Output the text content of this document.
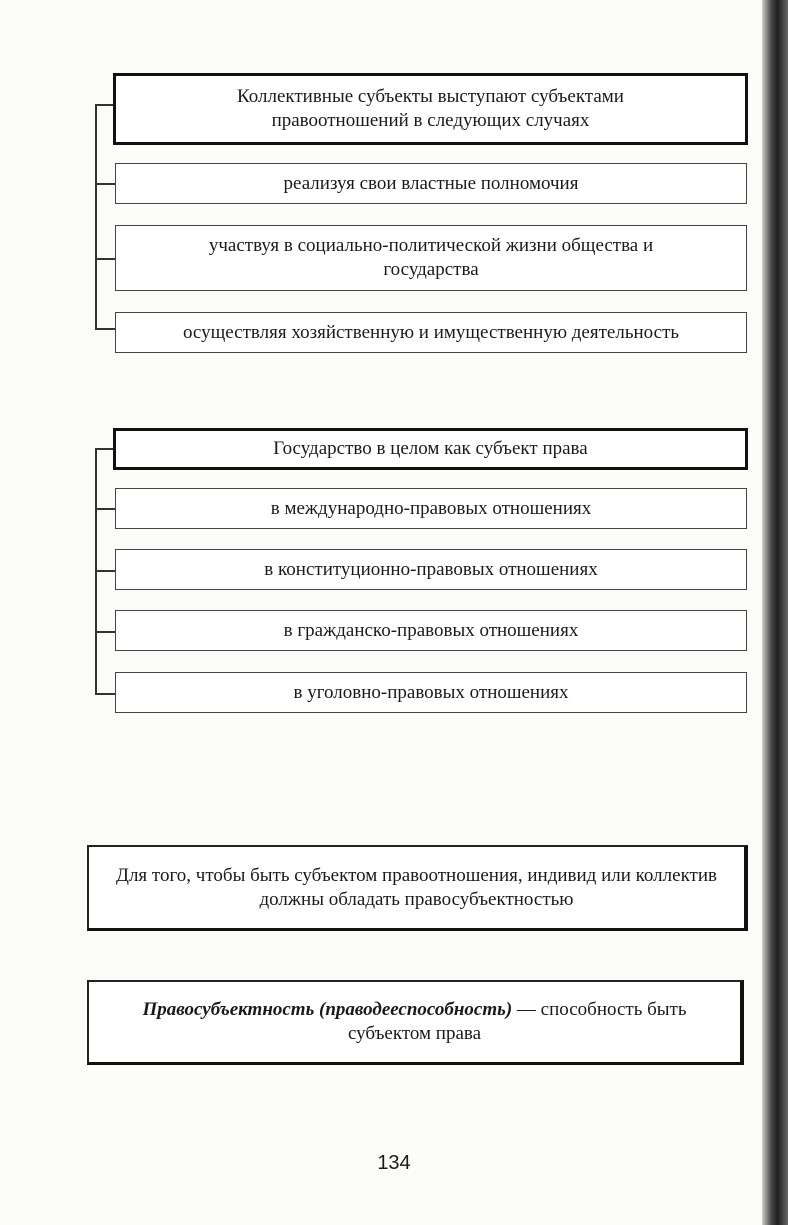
Коллективные субъекты выступают субъектами правоотношений в следующих случаях
реализуя свои властные полномочия
участвуя в социально-политической жизни общества и государства
осуществляя хозяйственную и имущественную деятельность
Государство в целом как субъект права
в международно-правовых отношениях
в конституционно-правовых отношениях
в гражданско-правовых отношениях
в уголовно-правовых отношениях
Для того, чтобы быть субъектом правоотношения, индивид или коллектив должны обладать правосубъектностью
Правосубъектность (праводееспособность) — способность быть субъектом права
134
